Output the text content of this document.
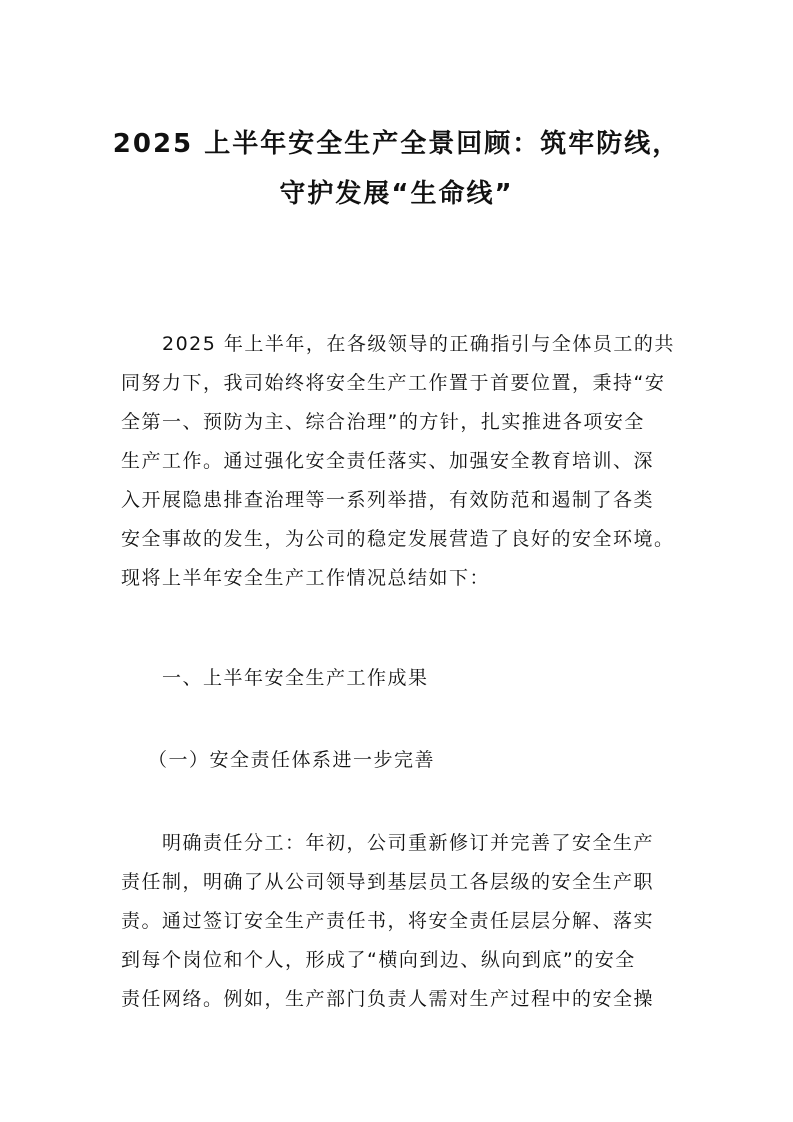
2025 上半年安全生产全景回顾：筑牢防线，
守护发展“生命线”
2025 年上半年，在各级领导的正确指引与全体员工的共
同努力下，我司始终将安全生产工作置于首要位置，秉持“安
全第一、预防为主、综合治理”的方针，扎实推进各项安全
生产工作。通过强化安全责任落实、加强安全教育培训、深
入开展隐患排查治理等一系列举措，有效防范和遏制了各类
安全事故的发生，为公司的稳定发展营造了良好的安全环境。
现将上半年安全生产工作情况总结如下：
一、上半年安全生产工作成果
（一）安全责任体系进一步完善
明确责任分工：年初，公司重新修订并完善了安全生产
责任制，明确了从公司领导到基层员工各层级的安全生产职
责。通过签订安全生产责任书，将安全责任层层分解、落实
到每个岗位和个人，形成了“横向到边、纵向到底”的安全
责任网络。例如，生产部门负责人需对生产过程中的安全操
